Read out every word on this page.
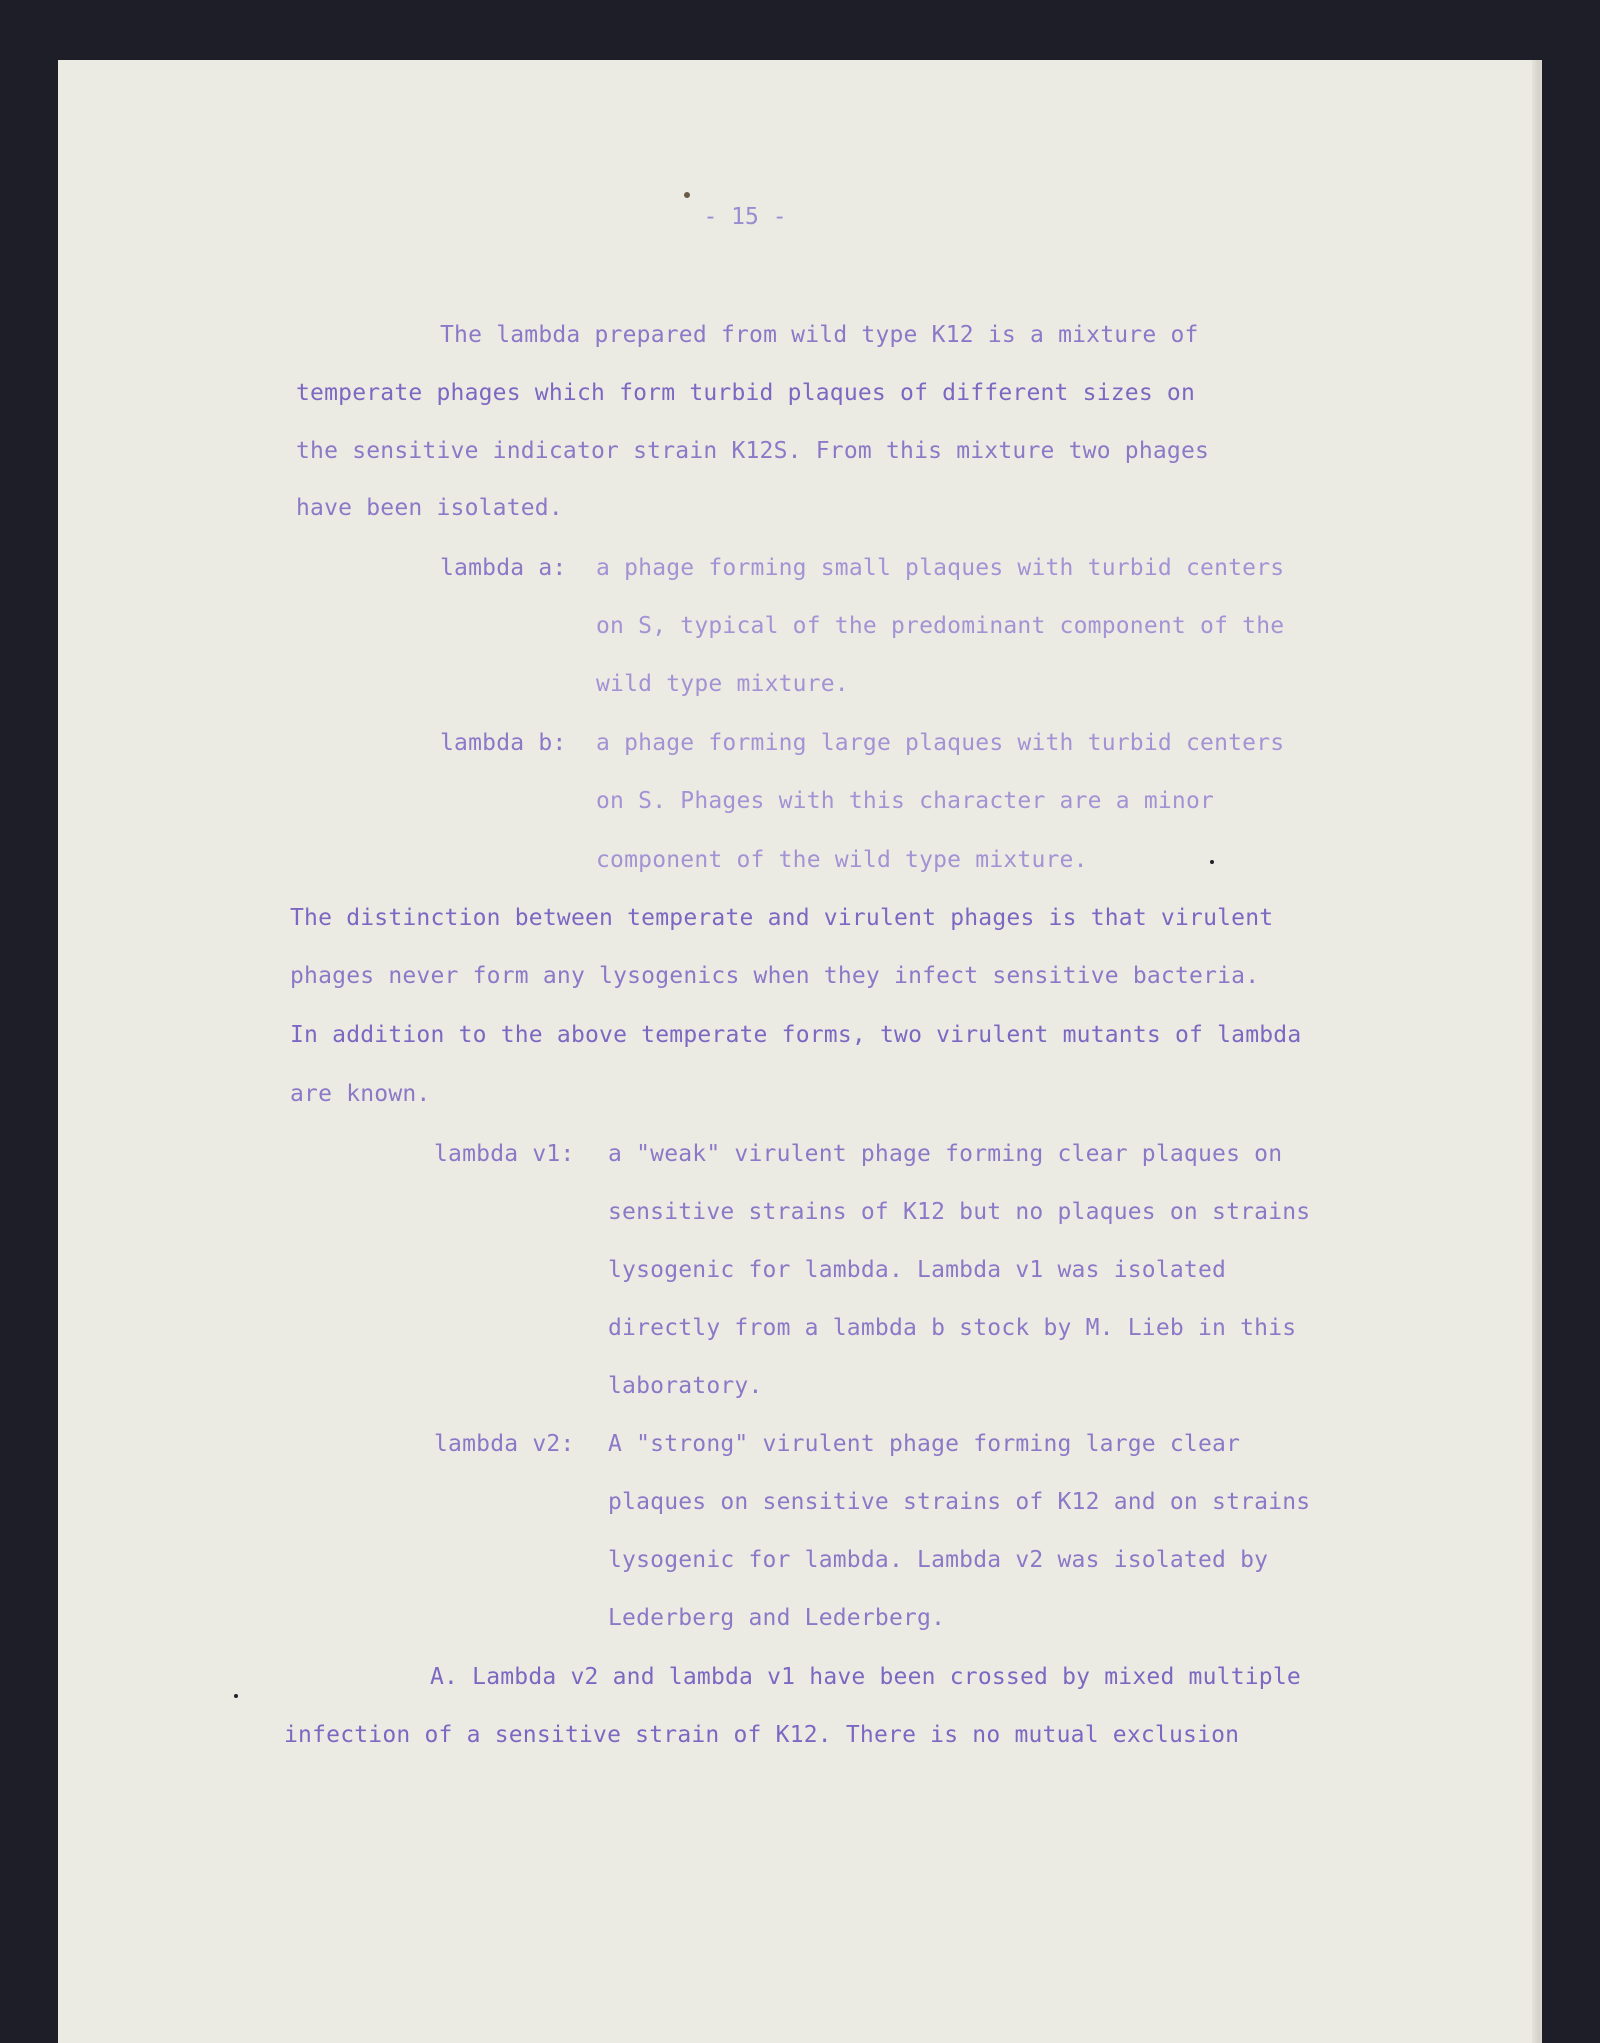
- 15 -

The lambda prepared from wild type K12 is a mixture of

temperate phages which form turbid plaques of different sizes on

the sensitive indicator strain K12S. From this mixture two phages

have been isolated.

lambda a: a phage forming small plaques with turbid centers

on S, typical of the predominant component of the

wild type mixture.

lambda b: a phage forming large plaques with turbid centers

on S. Phages with this character are a minor

component of the wild type mixture.

The distinction between temperate and virulent phages is that virulent

phages never form any lysogenics when they infect sensitive bacteria.

In addition to the above temperate forms, two virulent mutants of lambda

are known.

lambda v1: a "weak" virulent phage forming clear plaques on

sensitive strains of K12 but no plaques on strains

lysogenic for lambda. Lambda v1 was isolated

directly from a lambda b stock by M. Lieb in this

laboratory.

lambda v2: A "strong" virulent phage forming large clear

plaques on sensitive strains of K12 and on strains

lysogenic for lambda. Lambda v2 was isolated by

Lederberg and Lederberg.

A. Lambda v2 and lambda v1 have been crossed by mixed multiple

infection of a sensitive strain of K12. There is no mutual exclusion
